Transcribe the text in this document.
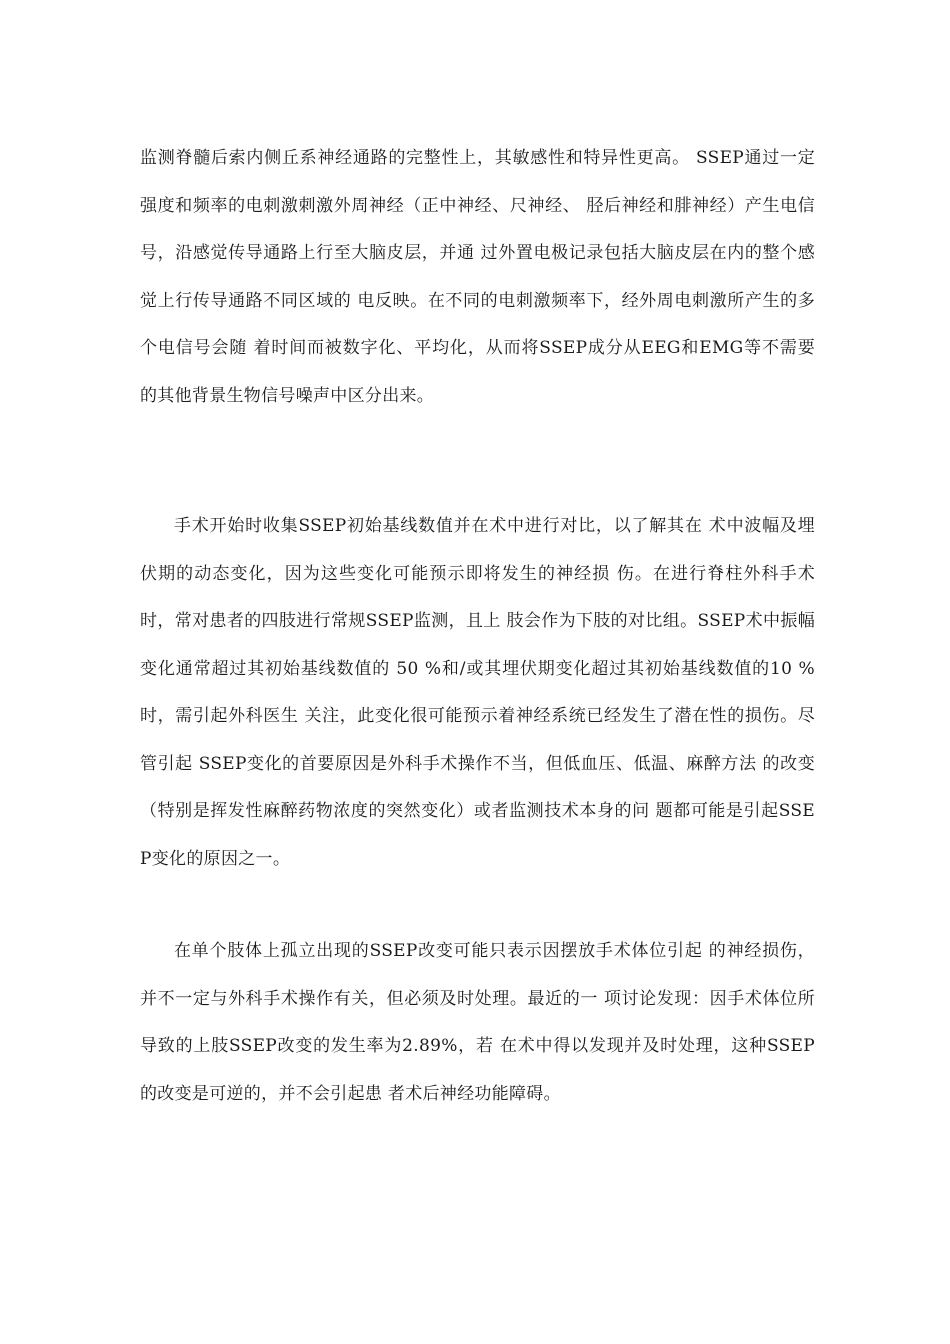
监测脊髓后索内侧丘系神经通路的完整性上，其敏感性和特异性更高。 SSEP通过一定强度和频率的电刺激刺激外周神经（正中神经、尺神经、 胫后神经和腓神经）产生电信号，沿感觉传导通路上行至大脑皮层，并通 过外置电极记录包括大脑皮层在内的整个感觉上行传导通路不同区域的 电反映。在不同的电刺激频率下，经外周电刺激所产生的多个电信号会随 着时间而被数字化、平均化，从而将SSEP成分从EEG和EMG等不需要 的其他背景生物信号噪声中区分出来。

手术开始时收集SSEP初始基线数值并在术中进行对比，以了解其在 术中波幅及埋伏期的动态变化，因为这些变化可能预示即将发生的神经损 伤。在进行脊柱外科手术时，常对患者的四肢进行常规SSEP监测，且上 肢会作为下肢的对比组。SSEP术中振幅变化通常超过其初始基线数值的 50 %和/或其埋伏期变化超过其初始基线数值的10 %时，需引起外科医生 关注，此变化很可能预示着神经系统已经发生了潜在性的损伤。尽管引起 SSEP变化的首要原因是外科手术操作不当，但低血压、低温、麻醉方法 的改变（特别是挥发性麻醉药物浓度的突然变化）或者监测技术本身的问 题都可能是引起SSEP变化的原因之一。

在单个肢体上孤立出现的SSEP改变可能只表示因摆放手术体位引起 的神经损伤，并不一定与外科手术操作有关，但必须及时处理。最近的一 项讨论发现：因手术体位所导致的上肢SSEP改变的发生率为2.89%，若 在术中得以发现并及时处理，这种SSEP的改变是可逆的，并不会引起患 者术后神经功能障碍。
